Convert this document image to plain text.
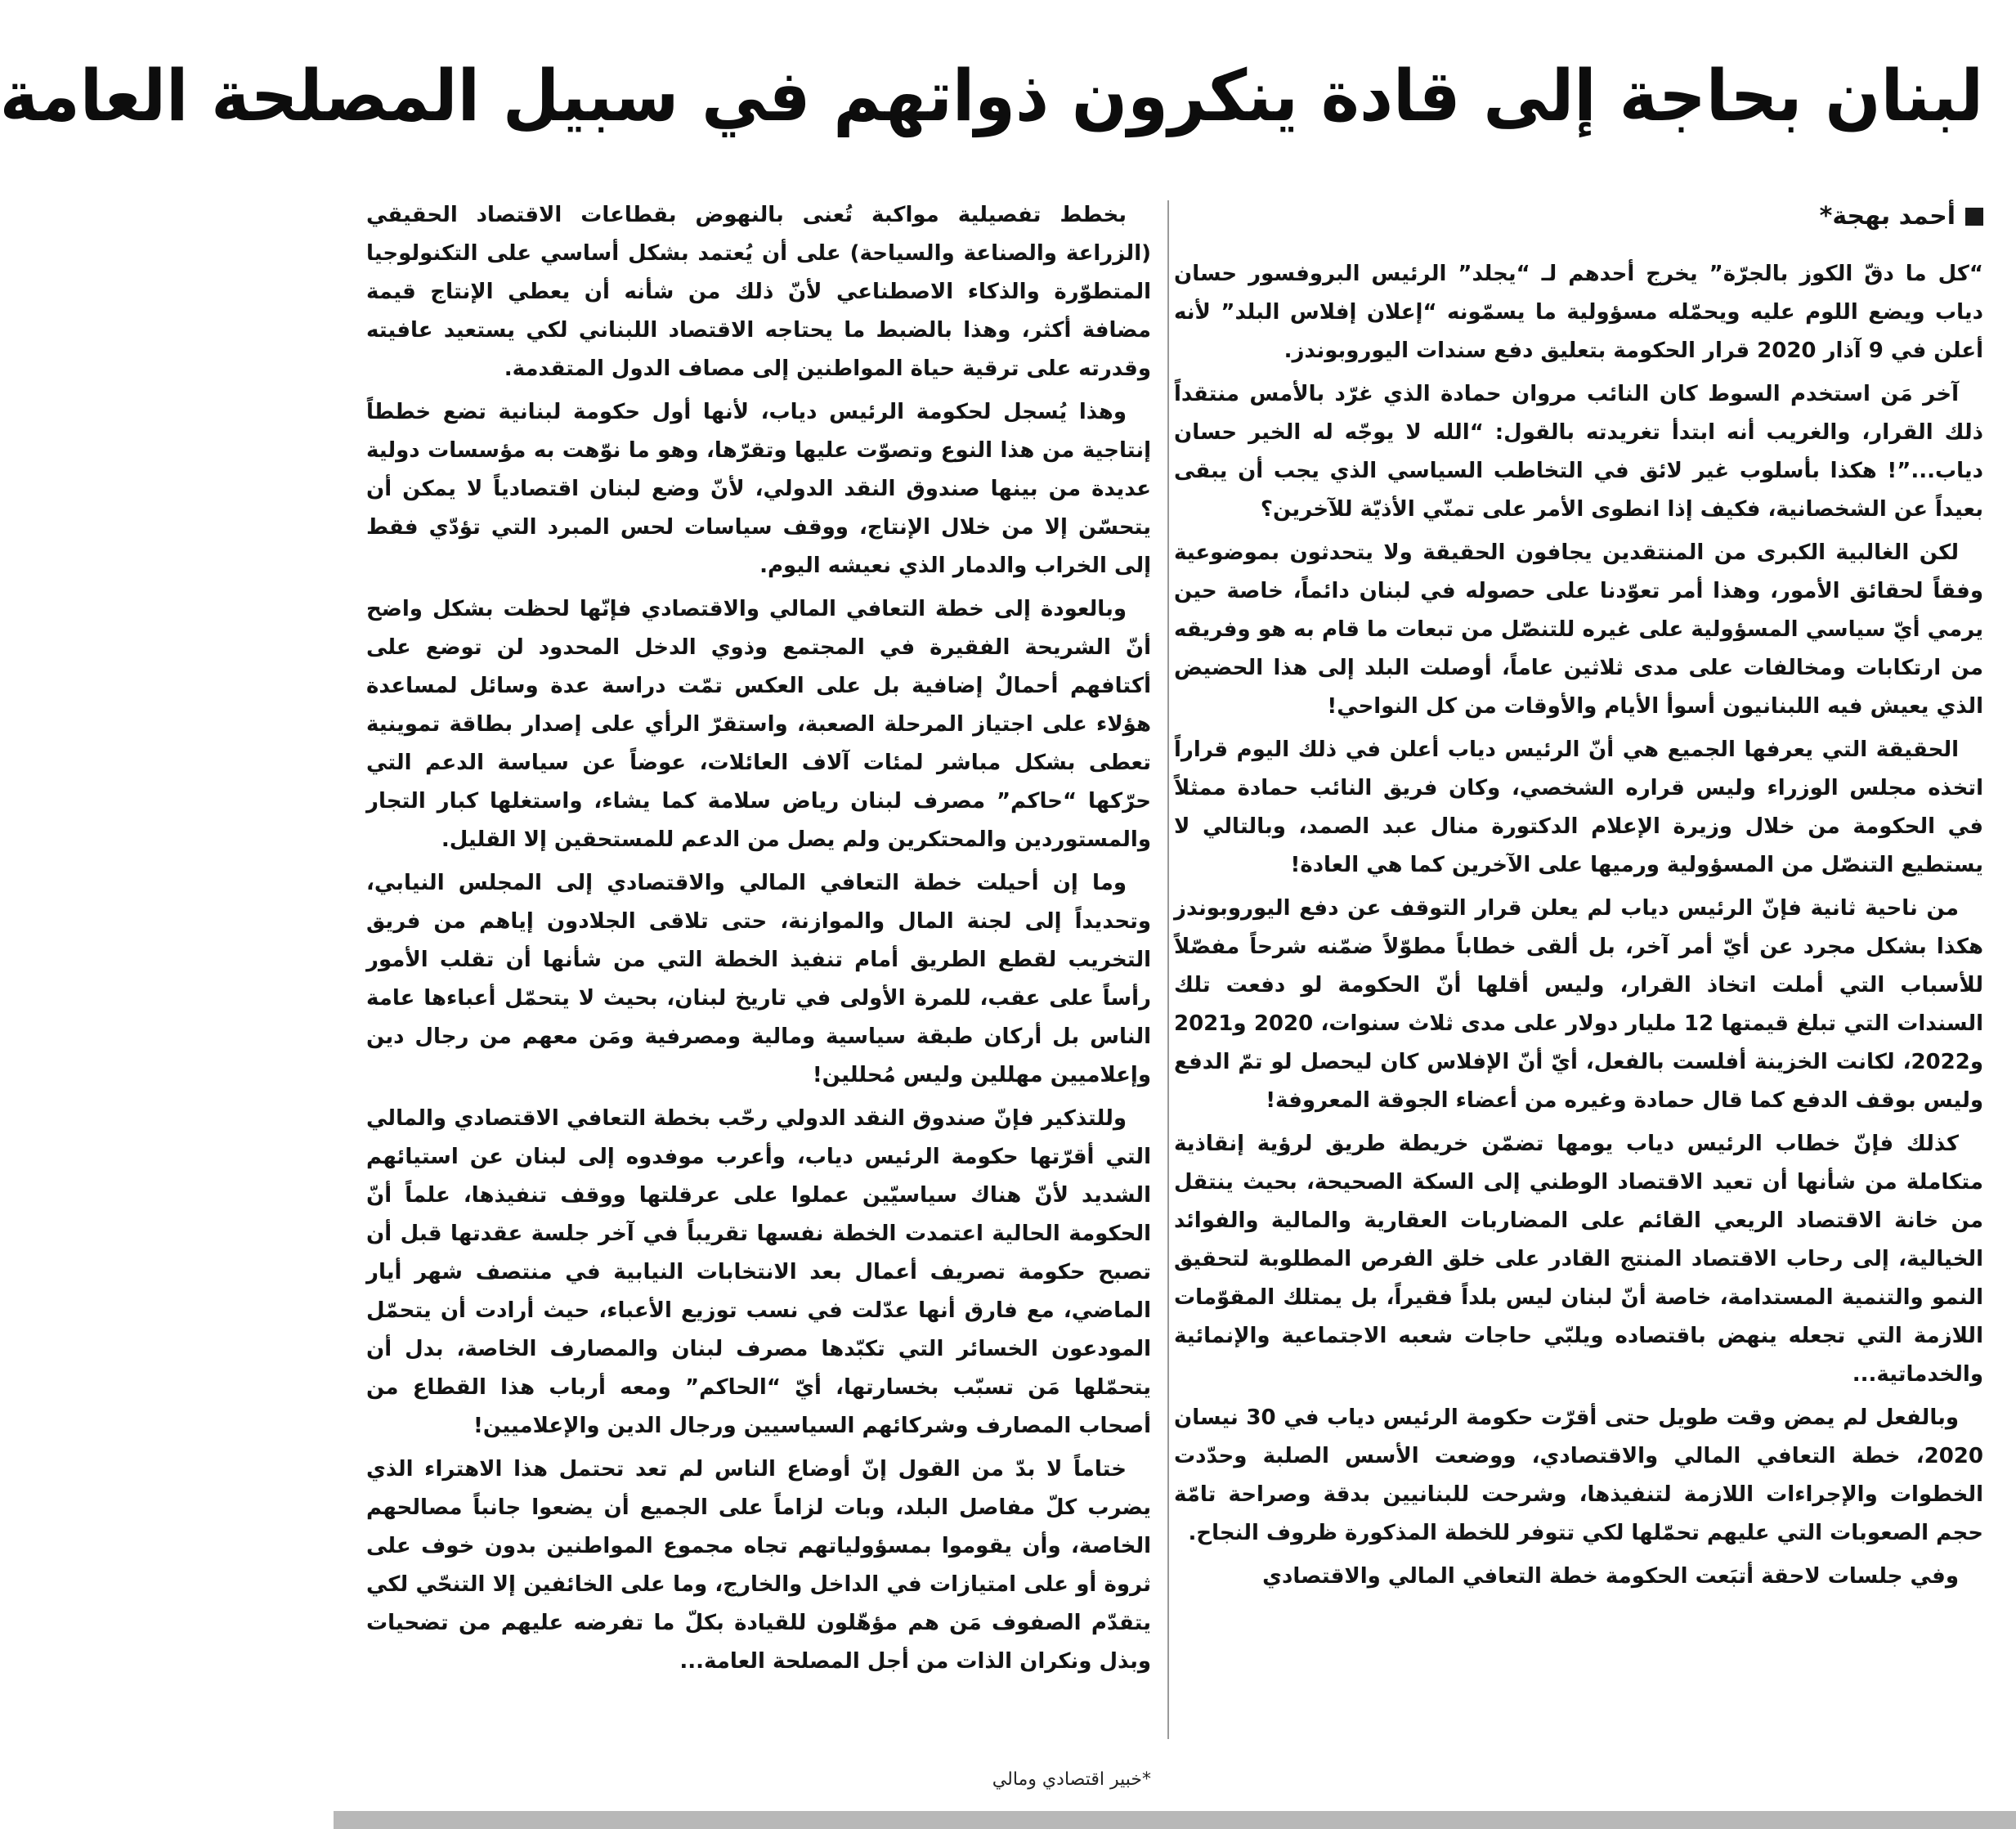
لبنان بحاجة إلى قادة ينكرون ذواتهم في سبيل المصلحة العامة
أحمد بهجة*

“كل ما دقّ الكوز بالجرّة” يخرج أحدهم لـ “يجلد” الرئيس البروفسور حسان دياب ويضع اللوم عليه ويحمّله مسؤولية ما يسمّونه “إعلان إفلاس البلد” لأنه أعلن في 9 آذار 2020 قرار الحكومة بتعليق دفع سندات اليوروبوندز.

آخر مَن استخدم السوط كان النائب مروان حمادة الذي غرّد بالأمس منتقداً ذلك القرار، والغريب أنه ابتدأ تغريدته بالقول: “الله لا يوجّه له الخير حسان دياب...”! هكذا بأسلوب غير لائق في التخاطب السياسي الذي يجب أن يبقى بعيداً عن الشخصانية، فكيف إذا انطوى الأمر على تمنّي الأذيّة للآخرين؟

لكن الغالبية الكبرى من المنتقدين يجافون الحقيقة ولا يتحدثون بموضوعية وفقاً لحقائق الأمور، وهذا أمر تعوّدنا على حصوله في لبنان دائماً، خاصة حين يرمي أيّ سياسي المسؤولية على غيره للتنصّل من تبعات ما قام به هو وفريقه من ارتكابات ومخالفات على مدى ثلاثين عاماً، أوصلت البلد إلى هذا الحضيض الذي يعيش فيه اللبنانيون أسوأ الأيام والأوقات من كل النواحي!

الحقيقة التي يعرفها الجميع هي أنّ الرئيس دياب أعلن في ذلك اليوم قراراً اتخذه مجلس الوزراء وليس قراره الشخصي، وكان فريق النائب حمادة ممثلاً في الحكومة من خلال وزيرة الإعلام الدكتورة منال عبد الصمد، وبالتالي لا يستطيع التنصّل من المسؤولية ورميها على الآخرين كما هي العادة!

من ناحية ثانية فإنّ الرئيس دياب لم يعلن قرار التوقف عن دفع اليوروبوندز هكذا بشكل مجرد عن أيّ أمر آخر، بل ألقى خطاباً مطوّلاً ضمّنه شرحاً مفصّلاً للأسباب التي أملت اتخاذ القرار، وليس أقلها أنّ الحكومة لو دفعت تلك السندات التي تبلغ قيمتها 12 مليار دولار على مدى ثلاث سنوات، 2020 و2021 و2022، لكانت الخزينة أفلست بالفعل، أيّ أنّ الإفلاس كان ليحصل لو تمّ الدفع وليس بوقف الدفع كما قال حمادة وغيره من أعضاء الجوقة المعروفة!

كذلك فإنّ خطاب الرئيس دياب يومها تضمّن خريطة طريق لرؤية إنقاذية متكاملة من شأنها أن تعيد الاقتصاد الوطني إلى السكة الصحيحة، بحيث ينتقل من خانة الاقتصاد الريعي القائم على المضاربات العقارية والمالية والفوائد الخيالية، إلى رحاب الاقتصاد المنتج القادر على خلق الفرص المطلوبة لتحقيق النمو والتنمية المستدامة، خاصة أنّ لبنان ليس بلداً فقيراً، بل يمتلك المقوّمات اللازمة التي تجعله ينهض باقتصاده ويلبّي حاجات شعبه الاجتماعية والإنمائية والخدماتية...

وبالفعل لم يمض وقت طويل حتى أقرّت حكومة الرئيس دياب في 30 نيسان 2020، خطة التعافي المالي والاقتصادي، ووضعت الأسس الصلبة وحدّدت الخطوات والإجراءات اللازمة لتنفيذها، وشرحت للبنانيين بدقة وصراحة تامّة حجم الصعوبات التي عليهم تحمّلها لكي تتوفر للخطة المذكورة ظروف النجاح.

وفي جلسات لاحقة أتبَعت الحكومة خطة التعافي المالي والاقتصادي

بخطط تفصيلية مواكبة تُعنى بالنهوض بقطاعات الاقتصاد الحقيقي (الزراعة والصناعة والسياحة) على أن يُعتمد بشكل أساسي على التكنولوجيا المتطوّرة والذكاء الاصطناعي لأنّ ذلك من شأنه أن يعطي الإنتاج قيمة مضافة أكثر، وهذا بالضبط ما يحتاجه الاقتصاد اللبناني لكي يستعيد عافيته وقدرته على ترقية حياة المواطنين إلى مصاف الدول المتقدمة.

وهذا يُسجل لحكومة الرئيس دياب، لأنها أول حكومة لبنانية تضع خططاً إنتاجية من هذا النوع وتصوّت عليها وتقرّها، وهو ما نوّهت به مؤسسات دولية عديدة من بينها صندوق النقد الدولي، لأنّ وضع لبنان اقتصادياً لا يمكن أن يتحسّن إلا من خلال الإنتاج، ووقف سياسات لحس المبرد التي تؤدّي فقط إلى الخراب والدمار الذي نعيشه اليوم.

وبالعودة إلى خطة التعافي المالي والاقتصادي فإنّها لحظت بشكل واضح أنّ الشريحة الفقيرة في المجتمع وذوي الدخل المحدود لن توضع على أكتافهم أحمالٌ إضافية بل على العكس تمّت دراسة عدة وسائل لمساعدة هؤلاء على اجتياز المرحلة الصعبة، واستقرّ الرأي على إصدار بطاقة تموينية تعطى بشكل مباشر لمئات آلاف العائلات، عوضاً عن سياسة الدعم التي حرّكها “حاكم” مصرف لبنان رياض سلامة كما يشاء، واستغلها كبار التجار والمستوردين والمحتكرين ولم يصل من الدعم للمستحقين إلا القليل.

وما إن أحيلت خطة التعافي المالي والاقتصادي إلى المجلس النيابي، وتحديداً إلى لجنة المال والموازنة، حتى تلاقى الجلادون إياهم من فريق التخريب لقطع الطريق أمام تنفيذ الخطة التي من شأنها أن تقلب الأمور رأساً على عقب، للمرة الأولى في تاريخ لبنان، بحيث لا يتحمّل أعباءها عامة الناس بل أركان طبقة سياسية ومالية ومصرفية ومَن معهم من رجال دين وإعلاميين مهللين وليس مُحللين!

وللتذكير فإنّ صندوق النقد الدولي رحّب بخطة التعافي الاقتصادي والمالي التي أقرّتها حكومة الرئيس دياب، وأعرب موفدوه إلى لبنان عن استيائهم الشديد لأنّ هناك سياسيّين عملوا على عرقلتها ووقف تنفيذها، علماً أنّ الحكومة الحالية اعتمدت الخطة نفسها تقريباً في آخر جلسة عقدتها قبل أن تصبح حكومة تصريف أعمال بعد الانتخابات النيابية في منتصف شهر أيار الماضي، مع فارق أنها عدّلت في نسب توزيع الأعباء، حيث أرادت أن يتحمّل المودعون الخسائر التي تكبّدها مصرف لبنان والمصارف الخاصة، بدل أن يتحمّلها مَن تسبّب بخسارتها، أيّ “الحاكم” ومعه أرباب هذا القطاع من أصحاب المصارف وشركائهم السياسيين ورجال الدين والإعلاميين!

ختاماً لا بدّ من القول إنّ أوضاع الناس لم تعد تحتمل هذا الاهتراء الذي يضرب كلّ مفاصل البلد، وبات لزاماً على الجميع أن يضعوا جانباً مصالحهم الخاصة، وأن يقوموا بمسؤولياتهم تجاه مجموع المواطنين بدون خوف على ثروة أو على امتيازات في الداخل والخارج، وما على الخائفين إلا التنحّي لكي يتقدّم الصفوف مَن هم مؤهّلون للقيادة بكلّ ما تفرضه عليهم من تضحيات وبذل ونكران الذات من أجل المصلحة العامة...

*خبير اقتصادي ومالي
